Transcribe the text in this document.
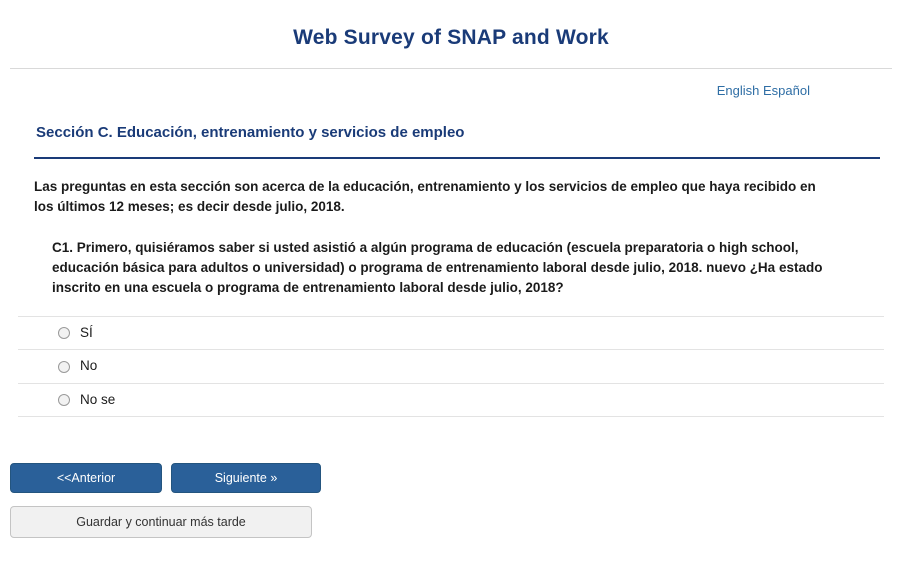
Web Survey of SNAP and Work
English Español
Sección C. Educación, entrenamiento y servicios de empleo
Las preguntas en esta sección son acerca de la educación, entrenamiento y los servicios de empleo que haya recibido en los últimos 12 meses; es decir desde julio, 2018.
C1. Primero, quisiéramos saber si usted asistió a algún programa de educación (escuela preparatoria o high school, educación básica para adultos o universidad) o programa de entrenamiento laboral desde julio, 2018. nuevo ¿Ha estado inscrito en una escuela o programa de entrenamiento laboral desde julio, 2018?
SÍ
No
No se
<<Anterior	Siguiente »
Guardar y continuar más tarde
